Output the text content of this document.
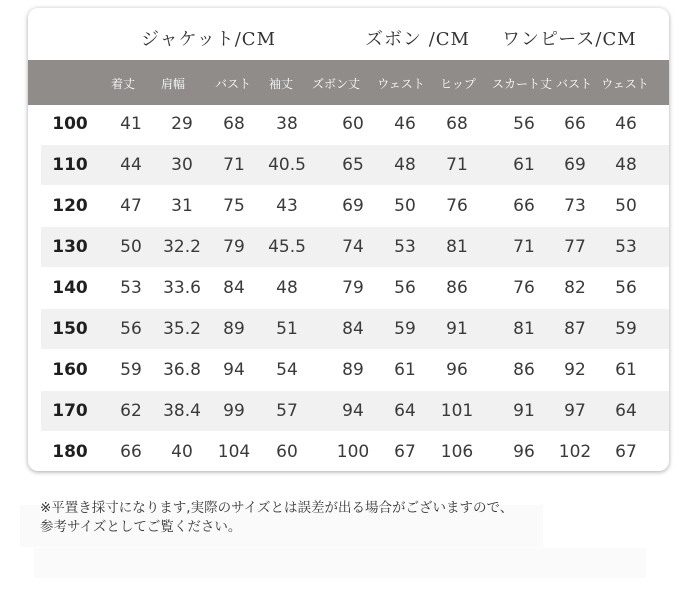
ジャケット/CM	ズボン /CM ワンピース/CM
着丈 肩幅 バスト 袖丈 ズボン丈 ウェスト ヒップ スカート丈 バスト ウェスト
100 41 29 68 38	60 46 68	56 66 46
110 44 30 71 40.5 65 48 71	61 69 48
120 47 31 75 43	69 50 76	66 73 50
130 50 32.2 79 45.5 74 53 81	71 77 53
140 53 33.6 84 48	79 56 86	76 82 56
150 56 35.2 89 51	84 59 91	81 87 59
160 59 36.8 94 54	89 61 96	86 92 61
170 62 38.4 99 57	94 64 101 91 97 64
180 66 40 104 60 100 67 106 96 102 67
※平置き採寸になります,実際のサイズとは誤差が出る場合がございますので、
参考サイズとしてご覧ください。
